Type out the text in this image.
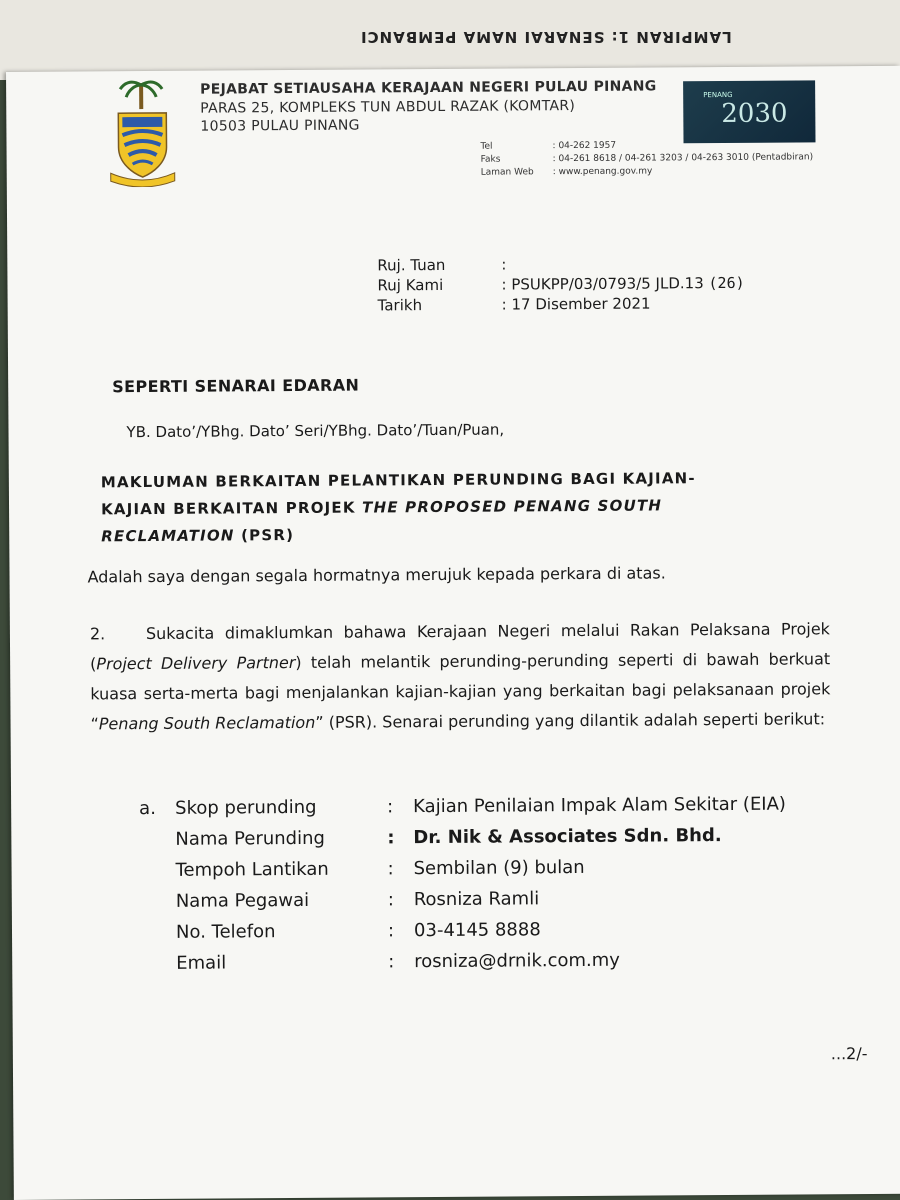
LAMPIRAN 1: SENARAI NAMA PEMBANCI
PEJABAT SETIAUSAHA KERAJAAN NEGERI PULAU PINANG
PARAS 25, KOMPLEKS TUN ABDUL RAZAK (KOMTAR)
10503 PULAU PINANG
PENANG
2030
Tel	: 04-262 1957
Faks	: 04-261 8618 / 04-261 3203 / 04-263 3010 (Pentadbiran)
Laman Web : www.penang.gov.my
Ruj. Tuan	:
Ruj Kami	: PSUKPP/03/0793/5 JLD.13 (26)
Tarikh	: 17 Disember 2021
SEPERTI SENARAI EDARAN
YB. Dato’/YBhg. Dato’ Seri/YBhg. Dato’/Tuan/Puan,
MAKLUMAN BERKAITAN PELANTIKAN PERUNDING BAGI KAJIAN-
KAJIAN BERKAITAN PROJEK THE PROPOSED PENANG SOUTH
RECLAMATION (PSR)
Adalah saya dengan segala hormatnya merujuk kepada perkara di atas.
2.	Sukacita dimaklumkan bahawa Kerajaan Negeri melalui Rakan Pelaksana Projek (Project Delivery Partner) telah melantik perunding-perunding seperti di bawah berkuat kuasa serta-merta bagi menjalankan kajian-kajian yang berkaitan bagi pelaksanaan projek “Penang South Reclamation” (PSR). Senarai perunding yang dilantik adalah seperti berikut:
a. Skop perunding	: Kajian Penilaian Impak Alam Sekitar (EIA)
Nama Perunding	: Dr. Nik & Associates Sdn. Bhd.
Tempoh Lantikan	: Sembilan (9) bulan
Nama Pegawai	: Rosniza Ramli
No. Telefon	: 03-4145 8888
Email	: rosniza@drnik.com.my
...2/-
